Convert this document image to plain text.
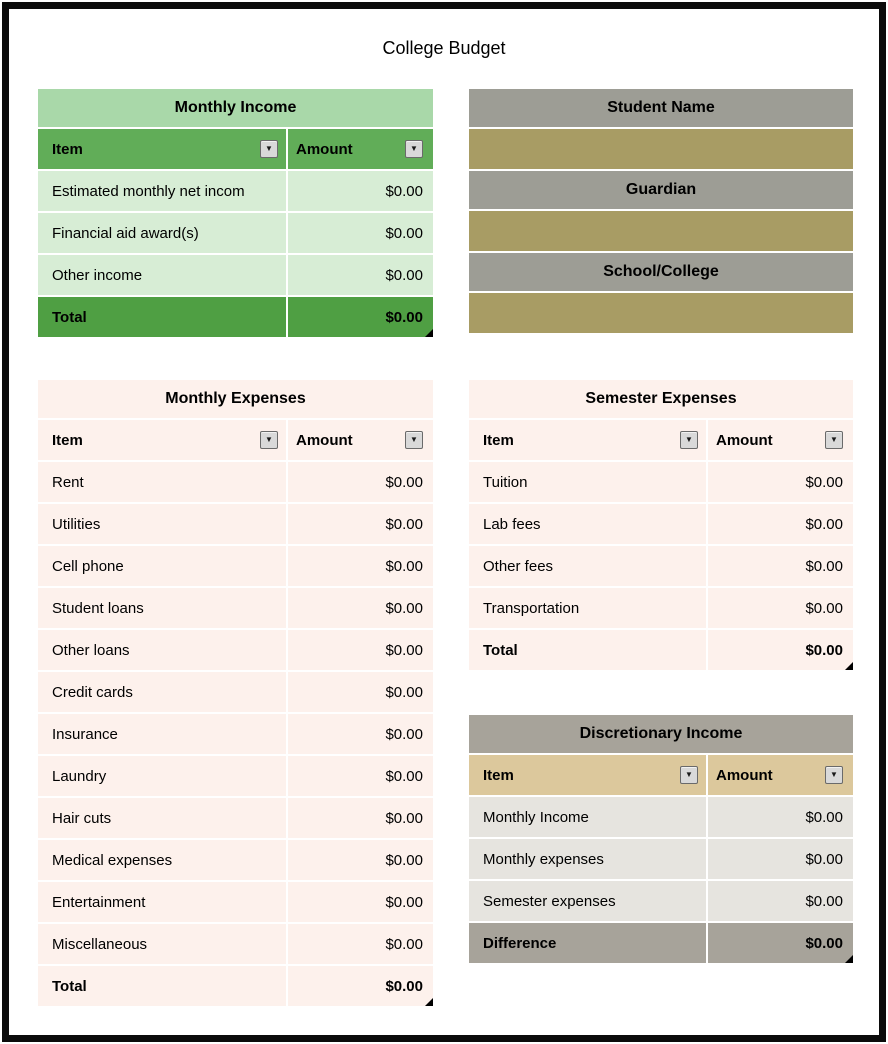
College Budget
Monthly Income
Item	▼ Amount	▼
Estimated monthly net incom	$0.00
Financial aid award(s)	$0.00
Other income	$0.00
Total	$0.00
Student Name
Guardian
School/College
Monthly Expenses
Item	▼ Amount	▼
Rent	$0.00
Utilities	$0.00
Cell phone	$0.00
Student loans	$0.00
Other loans	$0.00
Credit cards	$0.00
Insurance	$0.00
Laundry	$0.00
Hair cuts	$0.00
Medical expenses	$0.00
Entertainment	$0.00
Miscellaneous	$0.00
Total	$0.00
Semester Expenses
Item	▼ Amount	▼
Tuition	$0.00
Lab fees	$0.00
Other fees	$0.00
Transportation	$0.00
Total	$0.00
Discretionary Income
Item	▼ Amount	▼
Monthly Income	$0.00
Monthly expenses	$0.00
Semester expenses	$0.00
Difference	$0.00
